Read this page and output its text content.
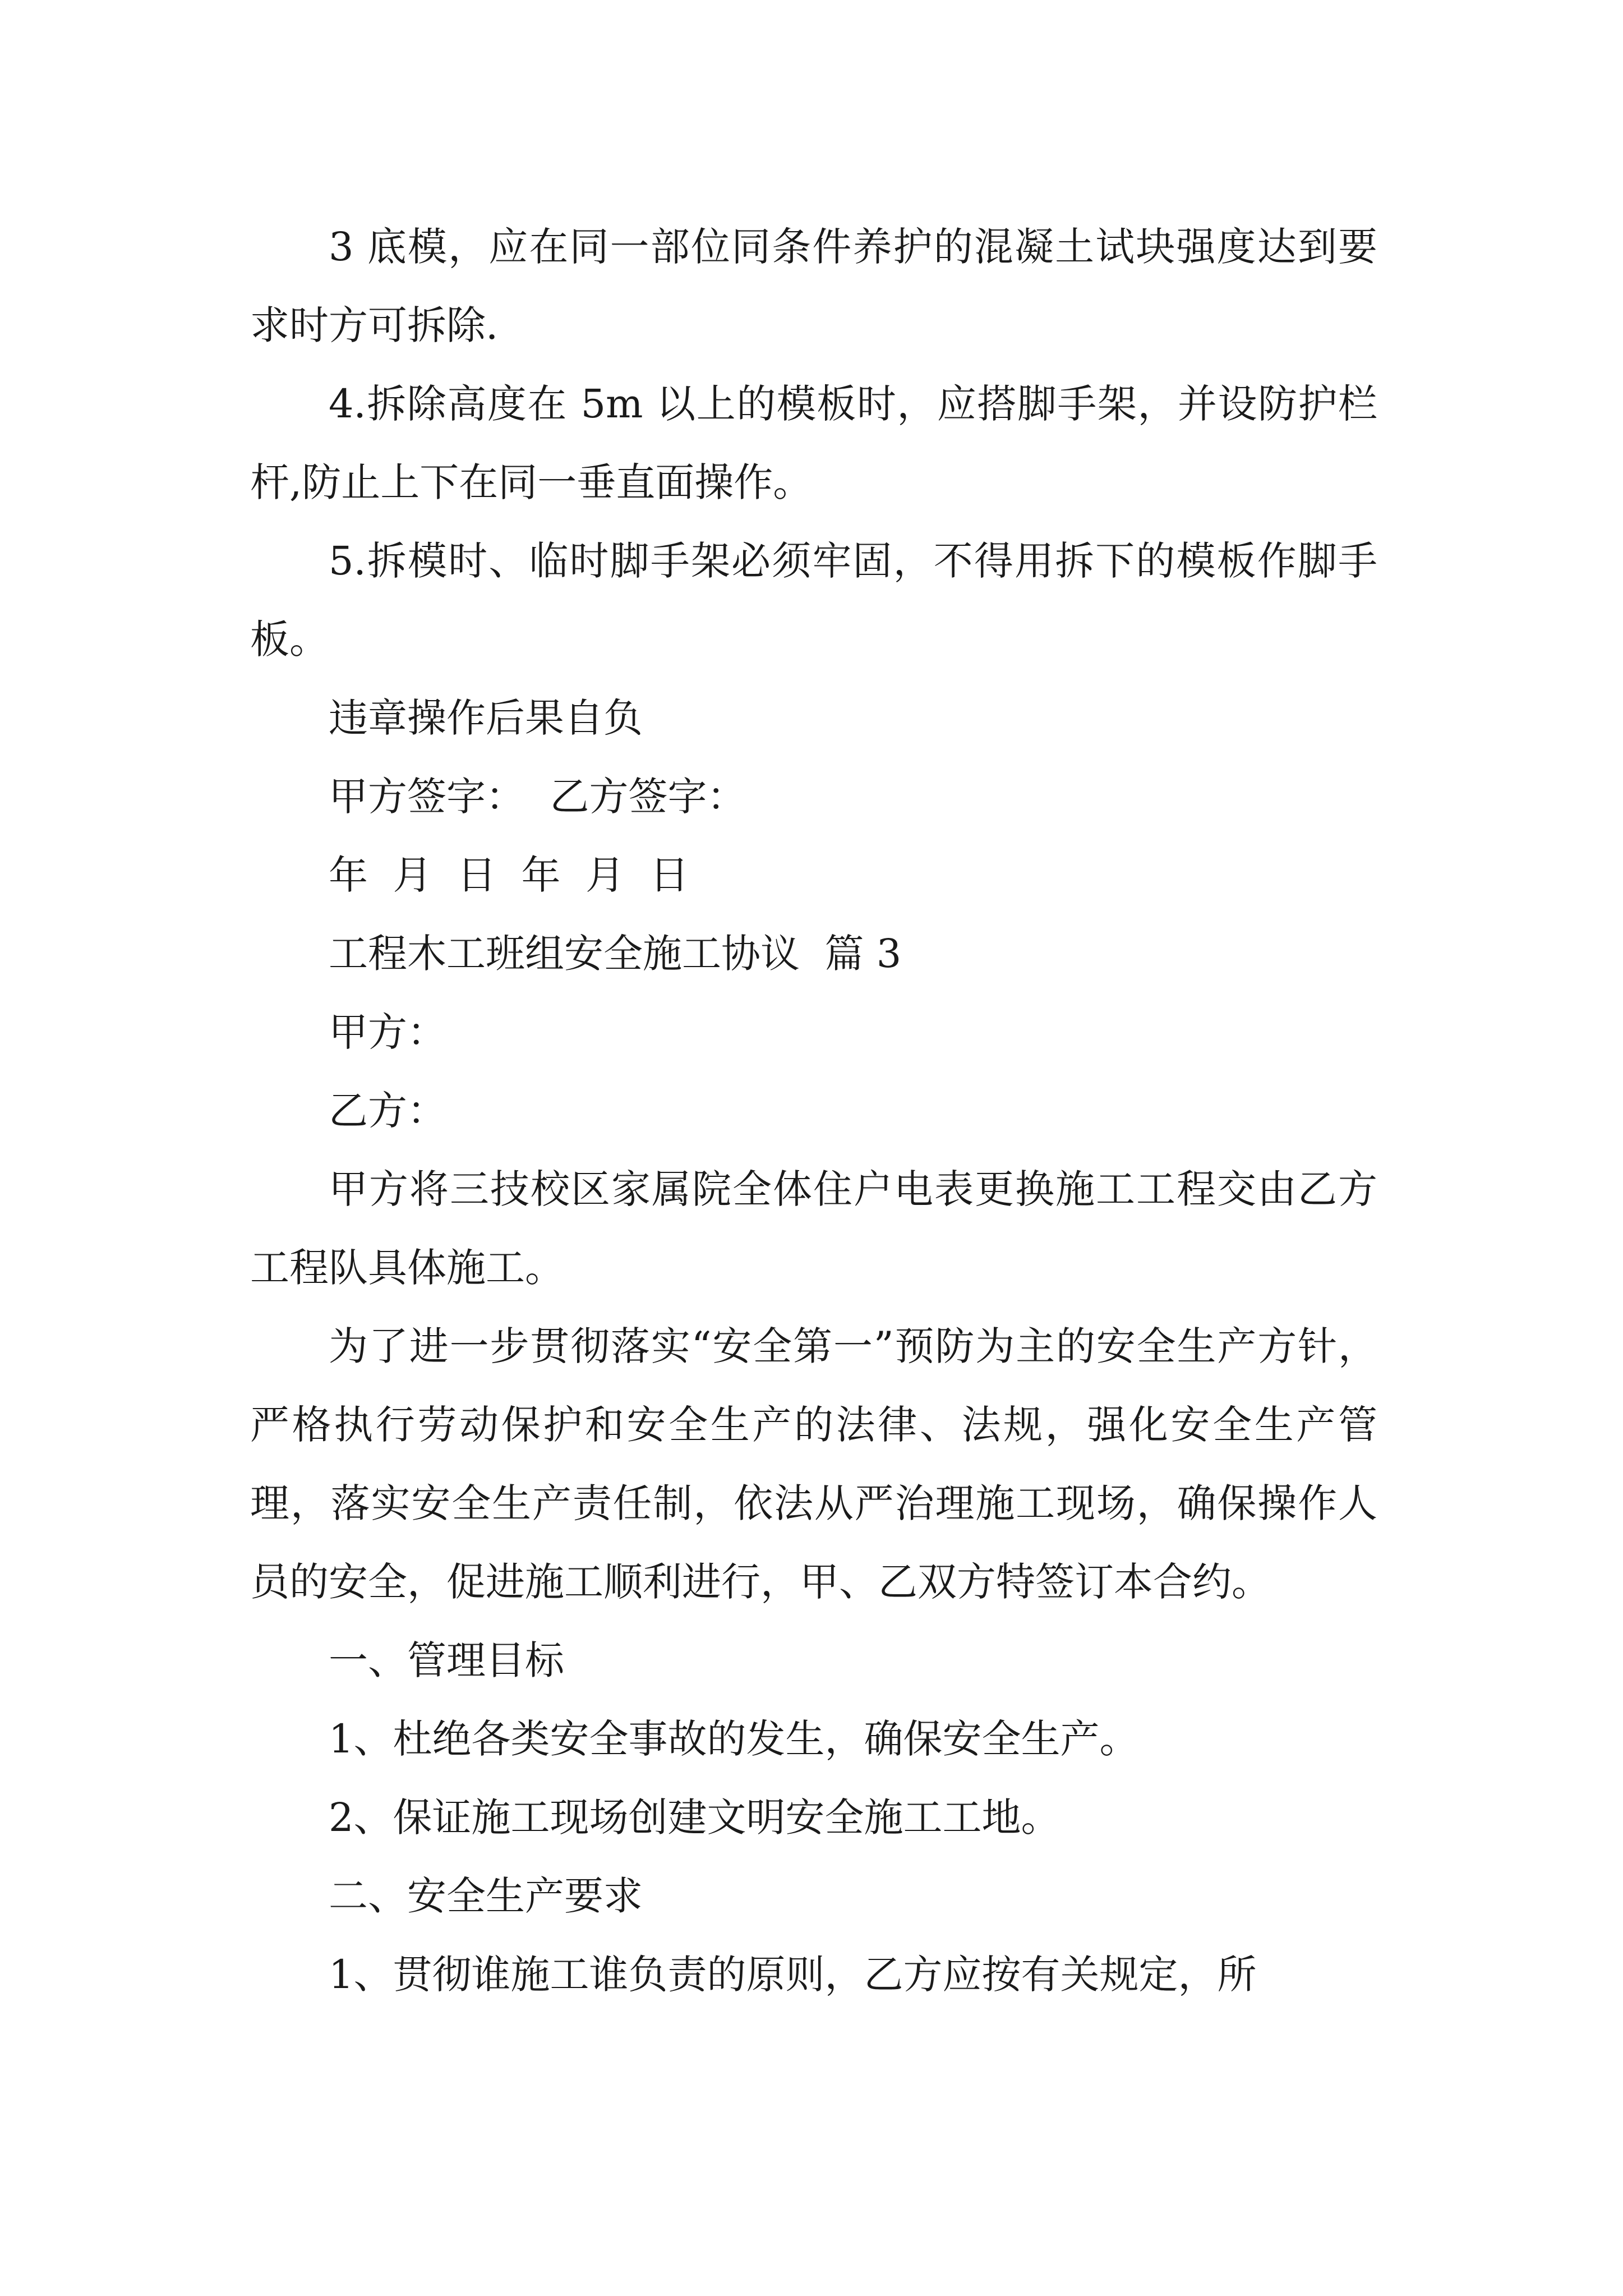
3 底模，应在同一部位同条件养护的混凝土试块强度达到要求时方可拆除.

4.拆除高度在 5m 以上的模板时，应搭脚手架，并设防护栏杆,防止上下在同一垂直面操作。

5.拆模时、临时脚手架必须牢固，不得用拆下的模板作脚手板。

违章操作后果自负

甲方签字：  乙方签字：

年  月  日  年  月  日

工程木工班组安全施工协议  篇 3

甲方：

乙方：

甲方将三技校区家属院全体住户电表更换施工工程交由乙方工程队具体施工。

为了进一步贯彻落实“安全第一”预防为主的安全生产方针，严格执行劳动保护和安全生产的法律、法规，强化安全生产管理，落实安全生产责任制，依法从严治理施工现场，确保操作人员的安全，促进施工顺利进行，甲、乙双方特签订本合约。

一、管理目标

1、杜绝各类安全事故的发生，确保安全生产。

2、保证施工现场创建文明安全施工工地。

二、安全生产要求

1、贯彻谁施工谁负责的原则，乙方应按有关规定，所
